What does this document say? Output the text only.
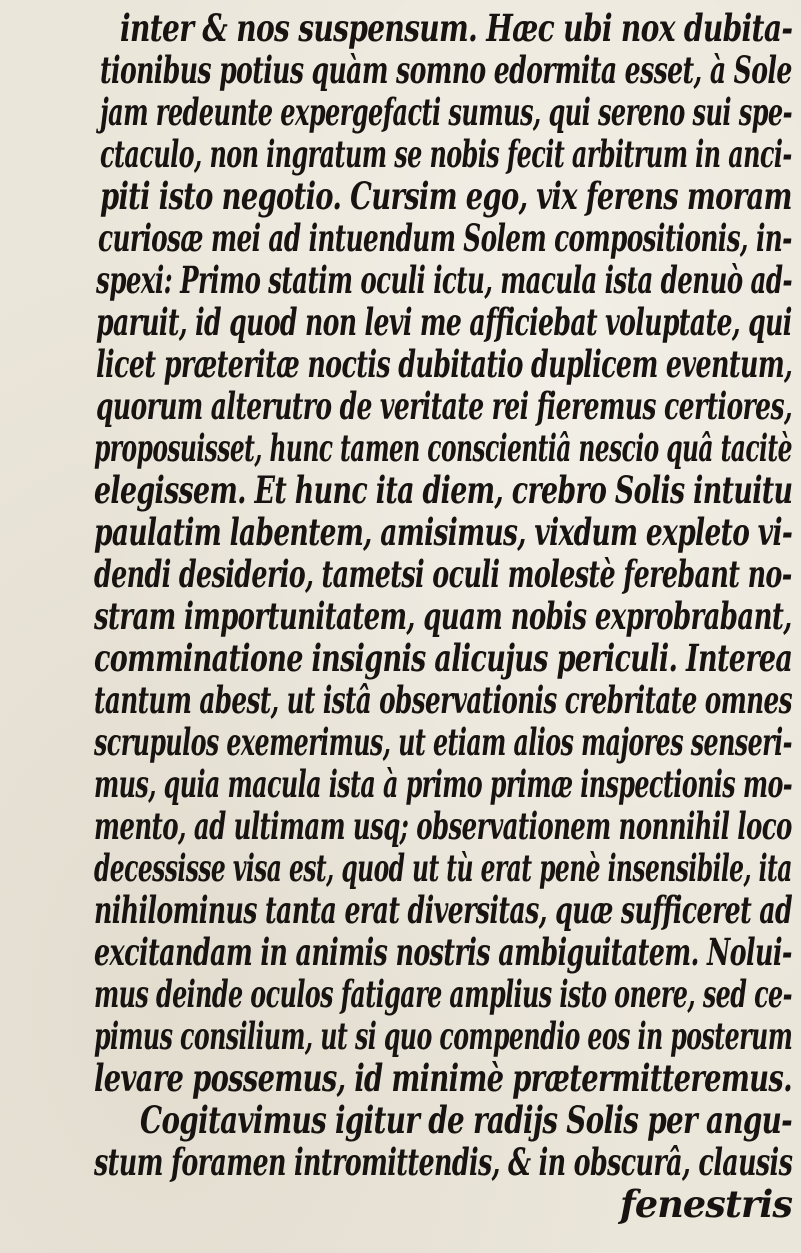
inter & nos suspensum. Hæc ubi nox dubita-
tionibus potius quàm somno edormita esset, à Sole
jam redeunte expergefacti sumus, qui sereno sui spe-
ctaculo, non ingratum se nobis fecit arbitrum in anci-
piti isto negotio. Cursim ego, vix ferens moram
curiosæ mei ad intuendum Solem compositionis, in-
spexi: Primo statim oculi ictu, macula ista denuò ad-
paruit, id quod non levi me afficiebat voluptate, qui
licet præteritæ noctis dubitatio duplicem eventum,
quorum alterutro de veritate rei fieremus certiores,
proposuisset, hunc tamen conscientiâ nescio quâ tacitè
elegissem. Et hunc ita diem, crebro Solis intuitu
paulatim labentem, amisimus, vixdum expleto vi-
dendi desiderio, tametsi oculi molestè ferebant no-
stram importunitatem, quam nobis exprobrabant,
comminatione insignis alicujus periculi. Interea
tantum abest, ut istâ observationis crebritate omnes
scrupulos exemerimus, ut etiam alios majores senseri-
mus, quia macula ista à primo primæ inspectionis mo-
mento, ad ultimam usq; observationem nonnihil loco
decessisse visa est, quod ut tù erat penè insensibile, ita
nihilominus tanta erat diversitas, quæ sufficeret ad
excitandam in animis nostris ambiguitatem. Nolui-
mus deinde oculos fatigare amplius isto onere, sed ce-
pimus consilium, ut si quo compendio eos in posterum
levare possemus, id minimè prætermitteremus.
Cogitavimus igitur de radijs Solis per angu-
stum foramen intromittendis, & in obscurâ, clausis
fenestris
